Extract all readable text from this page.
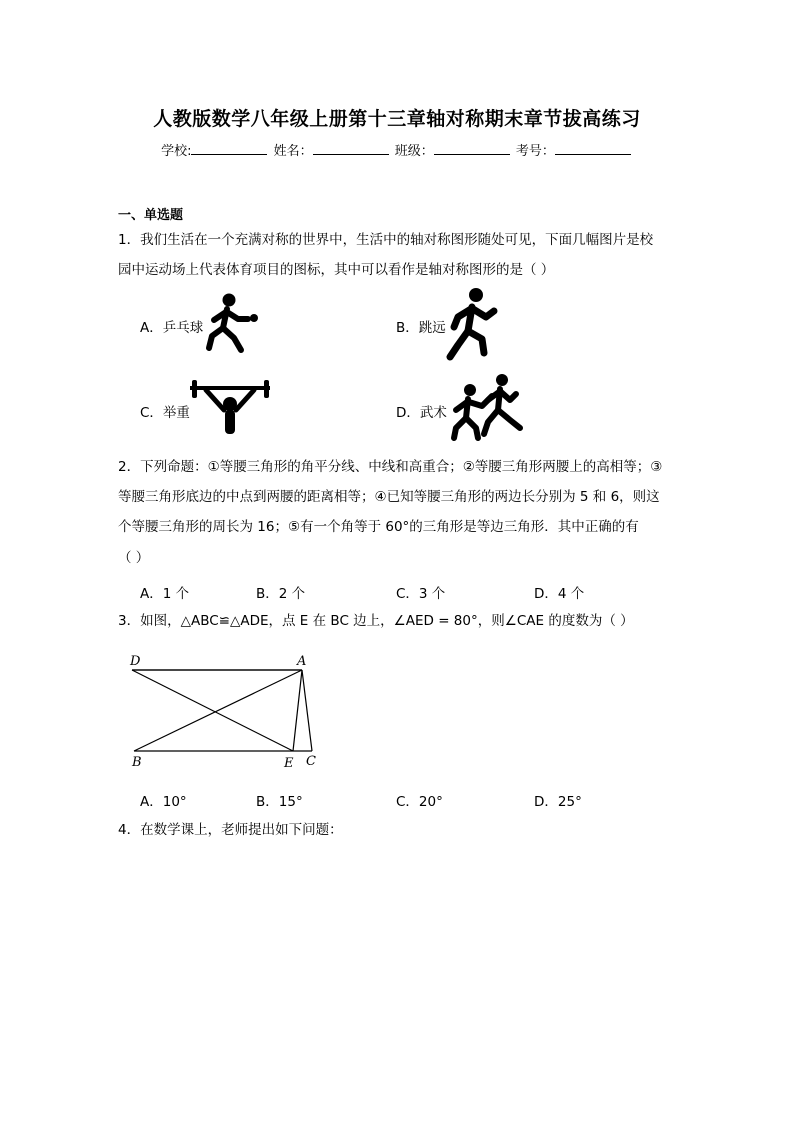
人教版数学八年级上册第十三章轴对称期末章节拔高练习
学校:	姓名：	班级：	考号：
一、单选题
1．我们生活在一个充满对称的世界中，生活中的轴对称图形随处可见，下面几幅图片是校
园中运动场上代表体育项目的图标，其中可以看作是轴对称图形的是（ ）
A．乒乓球	B．跳远
C．举重	D．武术
2．下列命题：①等腰三角形的角平分线、中线和高重合；②等腰三角形两腰上的高相等；③
等腰三角形底边的中点到两腰的距离相等；④已知等腰三角形的两边长分别为 5 和 6，则这
个等腰三角形的周长为 16；⑤有一个角等于 60°的三角形是等边三角形．其中正确的有
（ ）
A．1 个	B．2 个	C．3 个	D．4 个
3．如图，△ABC≌△ADE，点 E 在 BC 边上，∠AED = 80°，则∠CAE 的度数为（ ）
D	A
B	E C
A．10°	B．15°	C．20°	D．25°
4．在数学课上，老师提出如下问题：
